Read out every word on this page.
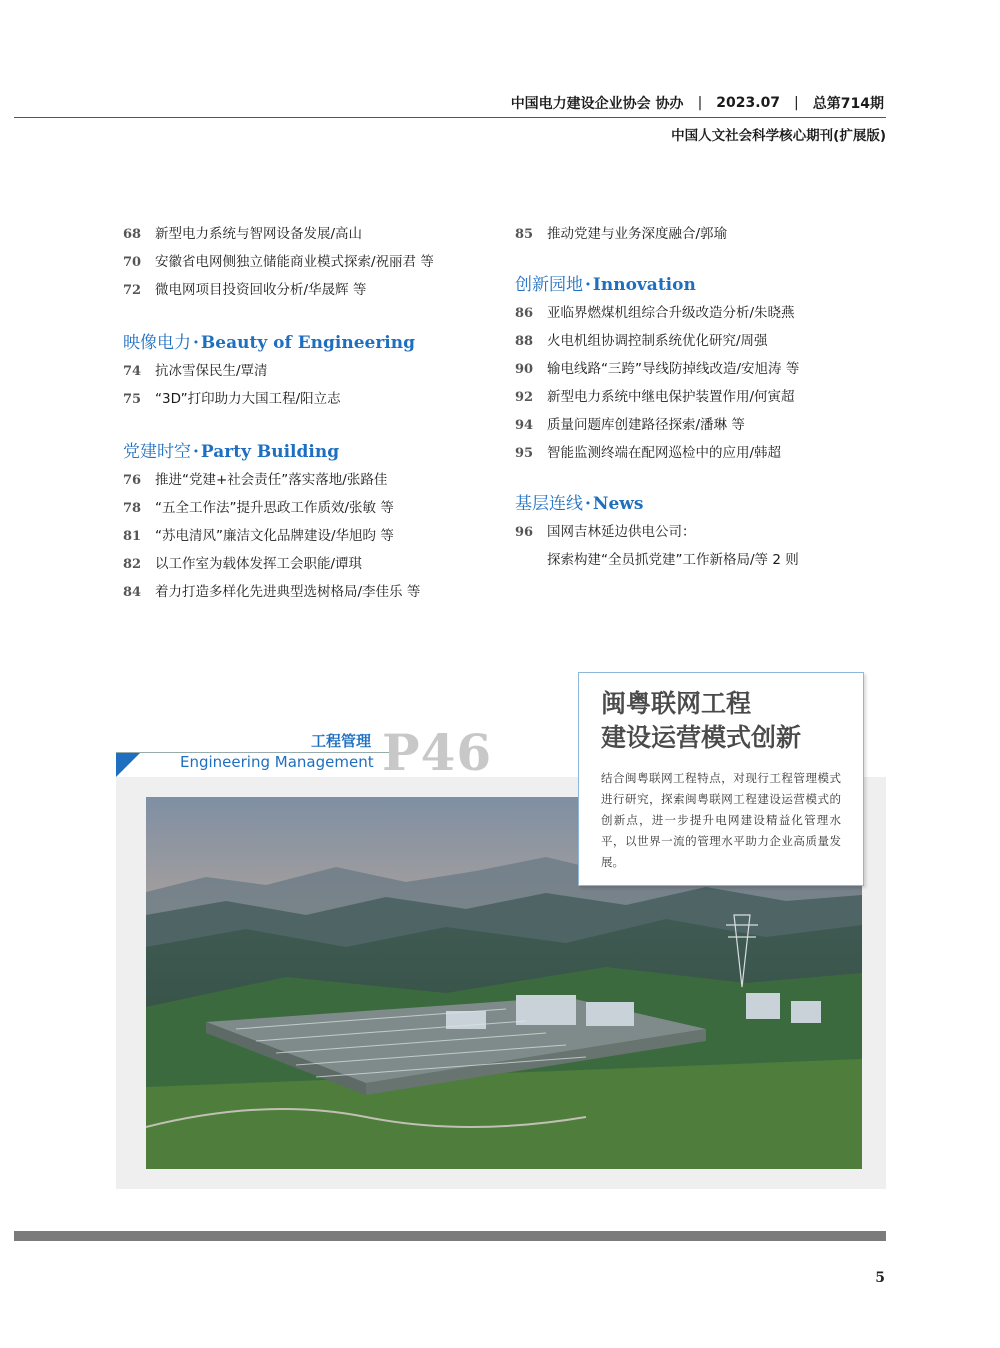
中国电力建设企业协会 协办 | 2023.07 | 总第714期
中国人文社会科学核心期刊(扩展版)
68	新型电力系统与智网设备发展/高山
70	安徽省电网侧独立储能商业模式探索/祝丽君 等
72	微电网项目投资回收分析/华晟辉 等
映像电力 · Beauty of Engineering
74	抗冰雪保民生/覃清
75	“3D”打印助力大国工程/阳立志
党建时空 · Party Building
76	推进“党建+社会责任”落实落地/张路佳
78	“五全工作法”提升思政工作质效/张敏 等
81	“苏电清风”廉洁文化品牌建设/华旭昀 等
82	以工作室为载体发挥工会职能/谭琪
84	着力打造多样化先进典型选树格局/李佳乐 等
85	推动党建与业务深度融合/郭瑜
创新园地 · Innovation
86	亚临界燃煤机组综合升级改造分析/朱晓燕
88	火电机组协调控制系统优化研究/周强
90	输电线路“三跨”导线防掉线改造/安旭涛 等
92	新型电力系统中继电保护装置作用/何寅超
94	质量问题库创建路径探索/潘琳 等
95	智能监测终端在配网巡检中的应用/韩超
基层连线 · News
96	国网吉林延边供电公司：
探索构建“全员抓党建”工作新格局/等 2 则
工程管理
Engineering Management P46
闽粤联网工程
建设运营模式创新
结合闽粤联网工程特点，对现行工程管理模式进行研究，探索闽粤联网工程建设运营模式的创新点，进一步提升电网建设精益化管理水平，以世界一流的管理水平助力企业高质量发展。
5
